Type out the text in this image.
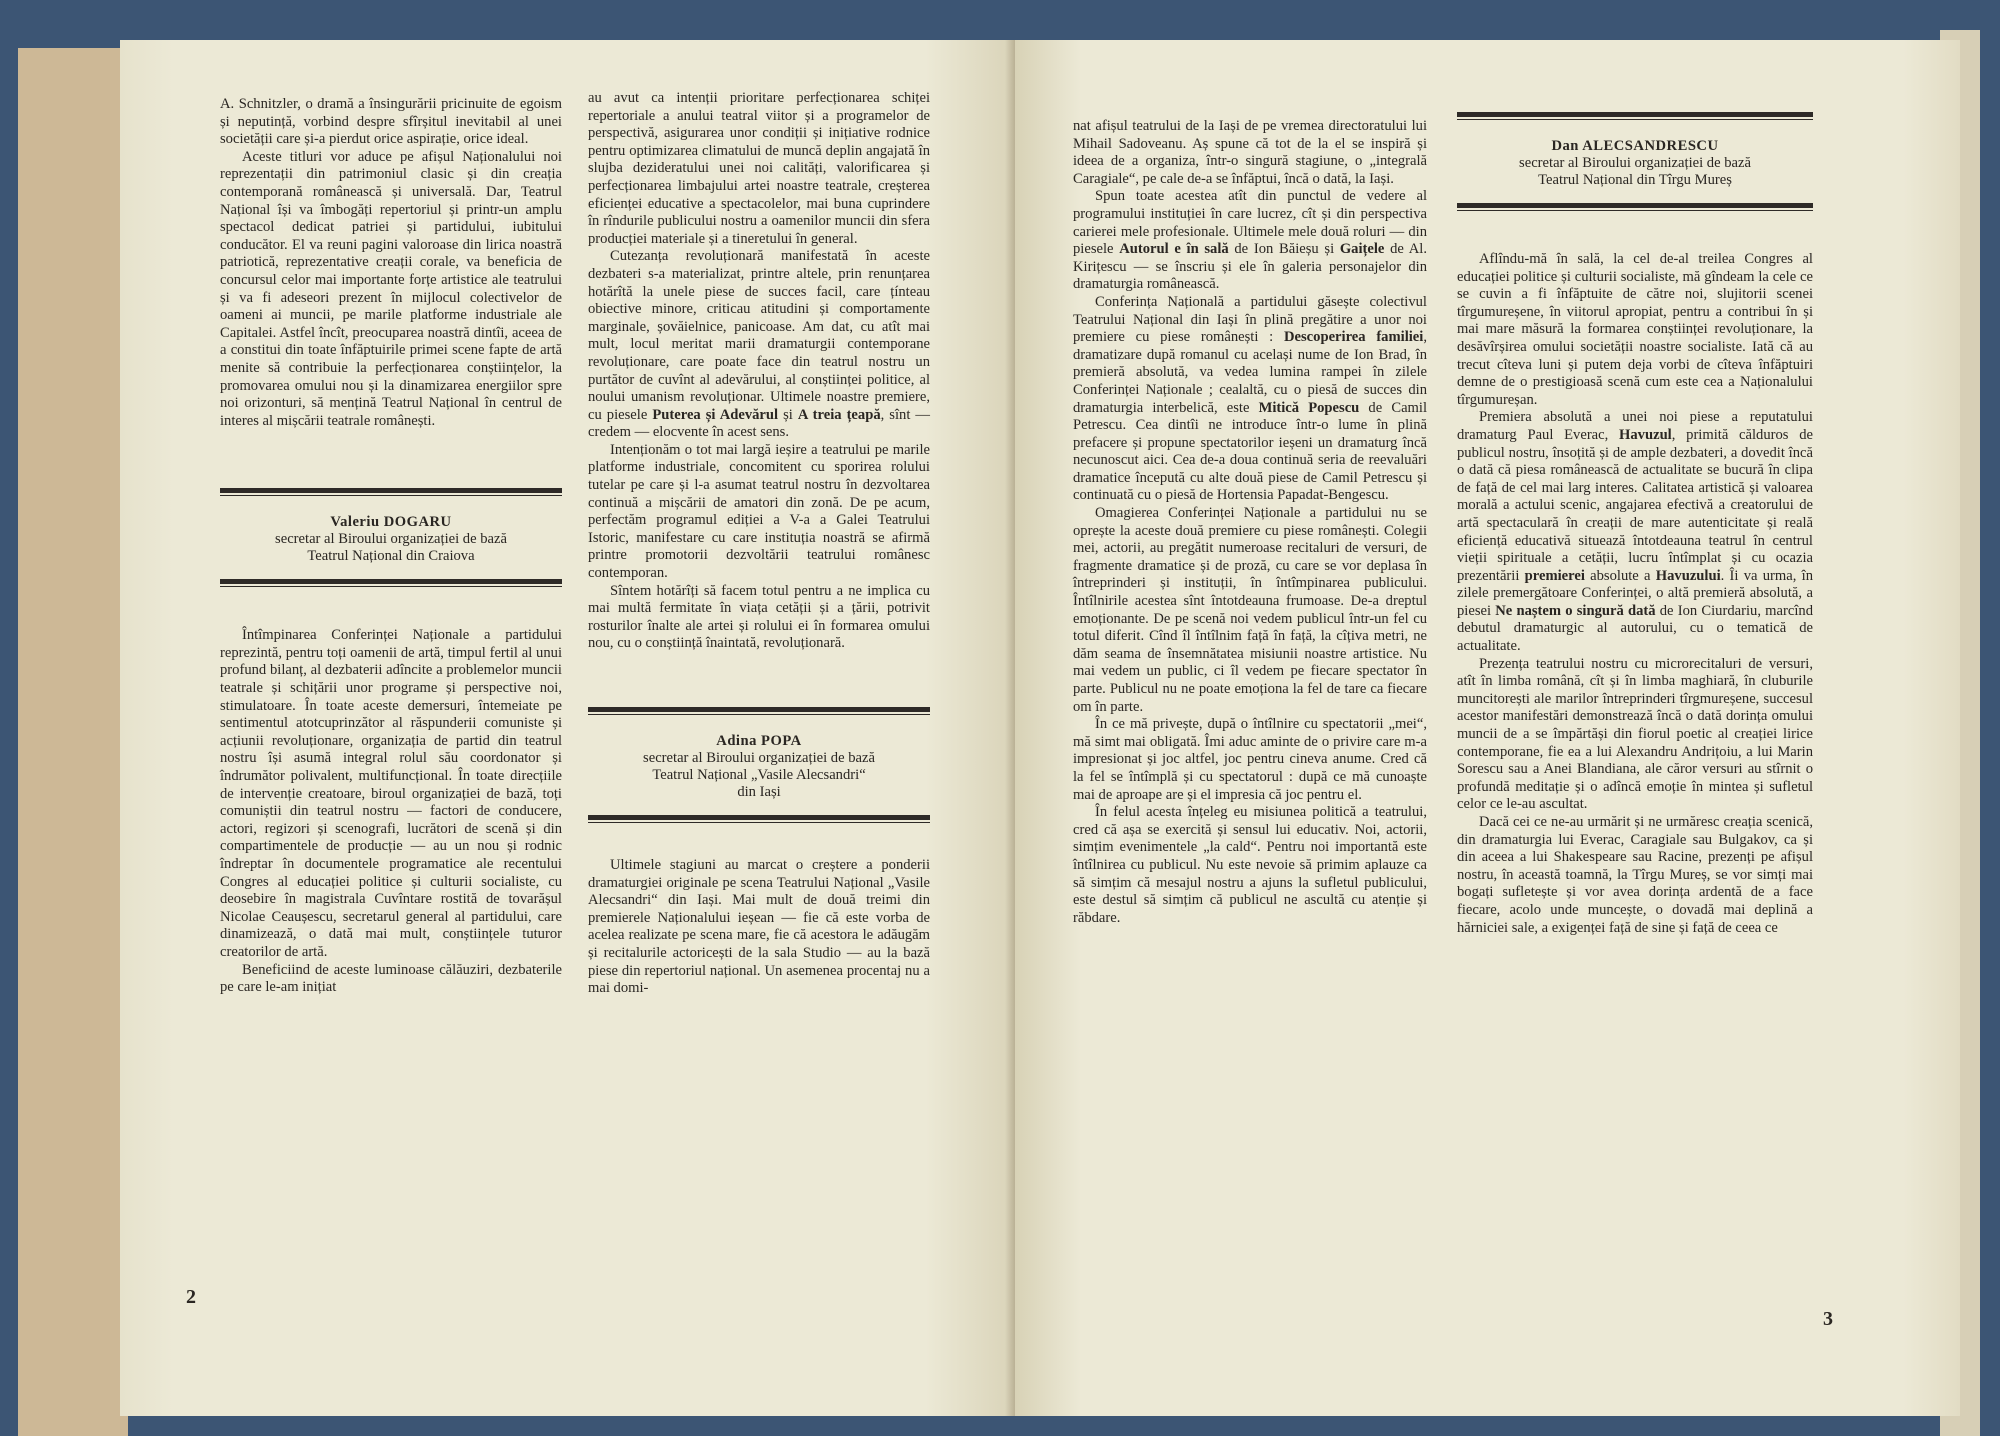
A. Schnitzler, o dramă a însingurării pricinuite de egoism și neputință, vorbind despre sfîrșitul inevitabil al unei societății care și-a pierdut orice aspirație, orice ideal.

Aceste titluri vor aduce pe afișul Naționalului noi reprezentații din patrimoniul clasic și din creația contemporană românească și universală. Dar, Teatrul Național își va îmbogăți repertoriul și printr-un amplu spectacol dedicat patriei și partidului, iubitului conducător. El va reuni pagini valoroase din lirica noastră patriotică, reprezentative creații corale, va beneficia de concursul celor mai importante forțe artistice ale teatrului și va fi adeseori prezent în mijlocul colectivelor de oameni ai muncii, pe marile platforme industriale ale Capitalei. Astfel încît, preocuparea noastră dintîi, aceea de a constitui din toate înfăptuirile primei scene fapte de artă menite să contribuie la perfecționarea conștiințelor, la promovarea omului nou și la dinamizarea energiilor spre noi orizonturi, să mențină Teatrul Național în centrul de interes al mișcării teatrale românești.

Valeriu DOGARU
secretar al Biroului organizației de bază
Teatrul Național din Craiova

Întîmpinarea Conferinței Naționale a partidului reprezintă, pentru toți oamenii de artă, timpul fertil al unui profund bilanț, al dezbaterii adîncite a problemelor muncii teatrale și schițării unor programe și perspective noi, stimulatoare. În toate aceste demersuri, întemeiate pe sentimentul atotcuprinzător al răspunderii comuniste și acțiunii revoluționare, organizația de partid din teatrul nostru își asumă integral rolul său coordonator și îndrumător polivalent, multifuncțional. În toate direcțiile de intervenție creatoare, biroul organizației de bază, toți comuniștii din teatrul nostru — factori de conducere, actori, regizori și scenografi, lucrători de scenă și din compartimentele de producție — au un nou și rodnic îndreptar în documentele programatice ale recentului Congres al educației politice și culturii socialiste, cu deosebire în magistrala Cuvîntare rostită de tovarășul Nicolae Ceaușescu, secretarul general al partidului, care dinamizează, o dată mai mult, conștiințele tuturor creatorilor de artă.

Beneficiind de aceste luminoase călăuziri, dezbaterile pe care le-am inițiat

au avut ca intenții prioritare perfecționarea schiței repertoriale a anului teatral viitor și a programelor de perspectivă, asigurarea unor condiții și inițiative rodnice pentru optimizarea climatului de muncă deplin angajată în slujba dezideratului unei noi calități, valorificarea și perfecționarea limbajului artei noastre teatrale, creșterea eficienței educative a spectacolelor, mai buna cuprindere în rîndurile publicului nostru a oamenilor muncii din sfera producției materiale și a tineretului în general.

Cutezanța revoluționară manifestată în aceste dezbateri s-a materializat, printre altele, prin renunțarea hotărîtă la unele piese de succes facil, care țínteau obiective minore, criticau atitudini și comportamente marginale, șovăielnice, panicoase. Am dat, cu atît mai mult, locul meritat marii dramaturgii contemporane revoluționare, care poate face din teatrul nostru un purtător de cuvînt al adevărului, al conștiinței politice, al noului umanism revoluționar. Ultimele noastre premiere, cu piesele Puterea și Adevărul și A treia țeapă, sînt — credem — elocvente în acest sens.

Intenționăm o tot mai largă ieșire a teatrului pe marile platforme industriale, concomitent cu sporirea rolului tutelar pe care și l-a asumat teatrul nostru în dezvoltarea continuă a mișcării de amatori din zonă. De pe acum, perfectăm programul ediției a V-a a Galei Teatrului Istoric, manifestare cu care instituția noastră se afirmă printre promotorii dezvoltării teatrului românesc contemporan.

Sîntem hotărîți să facem totul pentru a ne implica cu mai multă fermitate în viața cetății și a țării, potrivit rosturilor înalte ale artei și rolului ei în formarea omului nou, cu o conștiință înaintată, revoluționară.

Adina POPA
secretar al Biroului organizației de bază
Teatrul Național „Vasile Alecsandri“
din Iași

Ultimele stagiuni au marcat o creștere a ponderii dramaturgiei originale pe scena Teatrului Național „Vasile Alecsandri“ din Iași. Mai mult de două treimi din premierele Naționalului ieșean — fie că este vorba de acelea realizate pe scena mare, fie că acestora le adăugăm și recitalurile actoricești de la sala Studio — au la bază piese din repertoriul național. Un asemenea procentaj nu a mai domi-

2

nat afișul teatrului de la Iași de pe vremea directoratului lui Mihail Sadoveanu. Aș spune că tot de la el se inspiră și ideea de a organiza, într-o singură stagiune, o „integrală Caragiale“, pe cale de-a se înfăptui, încă o dată, la Iași.

Spun toate acestea atît din punctul de vedere al programului instituției în care lucrez, cît și din perspectiva carierei mele profesionale. Ultimele mele două roluri — din piesele Autorul e în sală de Ion Băieșu și Gaițele de Al. Kirițescu — se înscriu și ele în galeria personajelor din dramaturgia românească.

Conferința Națională a partidului găsește colectivul Teatrului Național din Iași în plină pregătire a unor noi premiere cu piese românești : Descoperirea familiei, dramatizare după romanul cu același nume de Ion Brad, în premieră absolută, va vedea lumina rampei în zilele Conferinței Naționale ; cealaltă, cu o piesă de succes din dramaturgia interbelică, este Mitică Popescu de Camil Petrescu. Cea dintîi ne introduce într-o lume în plină prefacere și propune spectatorilor ieșeni un dramaturg încă necunoscut aici. Cea de-a doua continuă seria de reevaluări dramatice începută cu alte două piese de Camil Petrescu și continuată cu o piesă de Hortensia Papadat-Bengescu.

Omagierea Conferinței Naționale a partidului nu se oprește la aceste două premiere cu piese românești. Colegii mei, actorii, au pregătit numeroase recitaluri de versuri, de fragmente dramatice și de proză, cu care se vor deplasa în întreprinderi și instituții, în întîmpinarea publicului. Întîlnirile acestea sînt întotdeauna frumoase. De-a dreptul emoționante. De pe scenă noi vedem publicul într-un fel cu totul diferit. Cînd îl întîlnim față în față, la cîțiva metri, ne dăm seama de însemnătatea misiunii noastre artistice. Nu mai vedem un public, ci îl vedem pe fiecare spectator în parte. Publicul nu ne poate emoționa la fel de tare ca fiecare om în parte.

În ce mă privește, după o întîlnire cu spectatorii „mei“, mă simt mai obligată. Îmi aduc aminte de o privire care m-a impresionat și joc altfel, joc pentru cineva anume. Cred că la fel se întîmplă și cu spectatorul : după ce mă cunoaște mai de aproape are și el impresia că joc pentru el.

În felul acesta înțeleg eu misiunea politică a teatrului, cred că așa se exercită și sensul lui educativ. Noi, actorii, simțim evenimentele „la cald“. Pentru noi importantă este întîlnirea cu publicul. Nu este nevoie să primim aplauze ca să simțim că mesajul nostru a ajuns la sufletul publicului, este destul să simțim că publicul ne ascultă cu atenție și răbdare.

Dan ALECSANDRESCU
secretar al Biroului organizației de bază
Teatrul Național din Tîrgu Mureș

Aflîndu-mă în sală, la cel de-al treilea Congres al educației politice și culturii socialiste, mă gîndeam la cele ce se cuvin a fi înfăptuite de către noi, slujitorii scenei tîrgumureșene, în viitorul apropiat, pentru a contribui în și mai mare măsură la formarea conștiinței revoluționare, la desăvîrșirea omului societății noastre socialiste. Iată că au trecut cîteva luni și putem deja vorbi de cîteva înfăptuiri demne de o prestigioasă scenă cum este cea a Naționalului tîrgumureșan.

Premiera absolută a unei noi piese a reputatului dramaturg Paul Everac, Havuzul, primită călduros de publicul nostru, însoțită și de ample dezbateri, a dovedit încă o dată că piesa românească de actualitate se bucură în clipa de față de cel mai larg interes. Calitatea artistică și valoarea morală a actului scenic, angajarea efectivă a creatorului de artă spectaculară în creații de mare autenticitate și reală eficiență educativă situează întotdeauna teatrul în centrul vieții spirituale a cetății, lucru întîmplat și cu ocazia prezentării premierei absolute a Havuzului. Îi va urma, în zilele premergătoare Conferinței, o altă premieră absolută, a piesei Ne naștem o singură dată de Ion Ciurdariu, marcînd debutul dramaturgic al autorului, cu o tematică de actualitate.

Prezența teatrului nostru cu microrecitaluri de versuri, atît în limba română, cît și în limba maghiară, în cluburile muncitorești ale marilor întreprinderi tîrgmureșene, succesul acestor manifestări demonstrează încă o dată dorința omului muncii de a se împărtăși din fiorul poetic al creației lirice contemporane, fie ea a lui Alexandru Andrițoiu, a lui Marin Sorescu sau a Anei Blandiana, ale căror versuri au stîrnit o profundă meditație și o adîncă emoție în mintea și sufletul celor ce le-au ascultat.

Dacă cei ce ne-au urmărit și ne urmăresc creația scenică, din dramaturgia lui Everac, Caragiale sau Bulgakov, ca și din aceea a lui Shakespeare sau Racine, prezenți pe afișul nostru, în această toamnă, la Tîrgu Mureș, se vor simți mai bogați sufletește și vor avea dorința ardentă de a face fiecare, acolo unde muncește, o dovadă mai deplină a hărniciei sale, a exigenței față de sine și față de ceea ce

3
